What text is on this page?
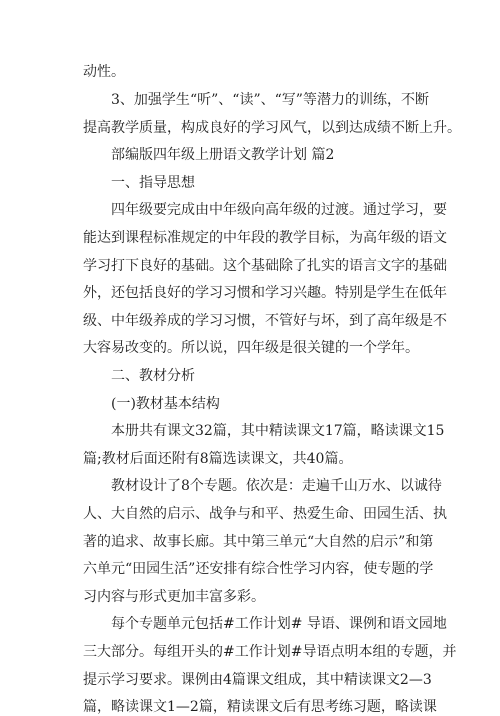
动性。
3、加强学生“听”、“读”、“写”等潜力的训练，不断
提高教学质量，构成良好的学习风气，以到达成绩不断上升。
部编版四年级上册语文教学计划 篇2
一、指导思想
四年级要完成由中年级向高年级的过渡。通过学习，要
能达到课程标准规定的中年段的教学目标，为高年级的语文
学习打下良好的基础。这个基础除了扎实的语言文字的基础
外，还包括良好的学习习惯和学习兴趣。特别是学生在低年
级、中年级养成的学习习惯，不管好与坏，到了高年级是不
大容易改变的。所以说，四年级是很关键的一个学年。
二、教材分析
(一)教材基本结构
本册共有课文32篇，其中精读课文17篇，略读课文15
篇;教材后面还附有8篇选读课文，共40篇。
教材设计了8个专题。依次是：走遍千山万水、以诚待
人、大自然的启示、战争与和平、热爱生命、田园生活、执
著的追求、故事长廊。其中第三单元“大自然的启示”和第
六单元“田园生活”还安排有综合性学习内容，使专题的学
习内容与形式更加丰富多彩。
每个专题单元包括#工作计划# 导语、课例和语文园地
三大部分。每组开头的#工作计划#导语点明本组的专题，并
提示学习要求。课例由4篇课文组成，其中精读课文2—3
篇，略读课文1—2篇，精读课文后有思考练习题，略读课
